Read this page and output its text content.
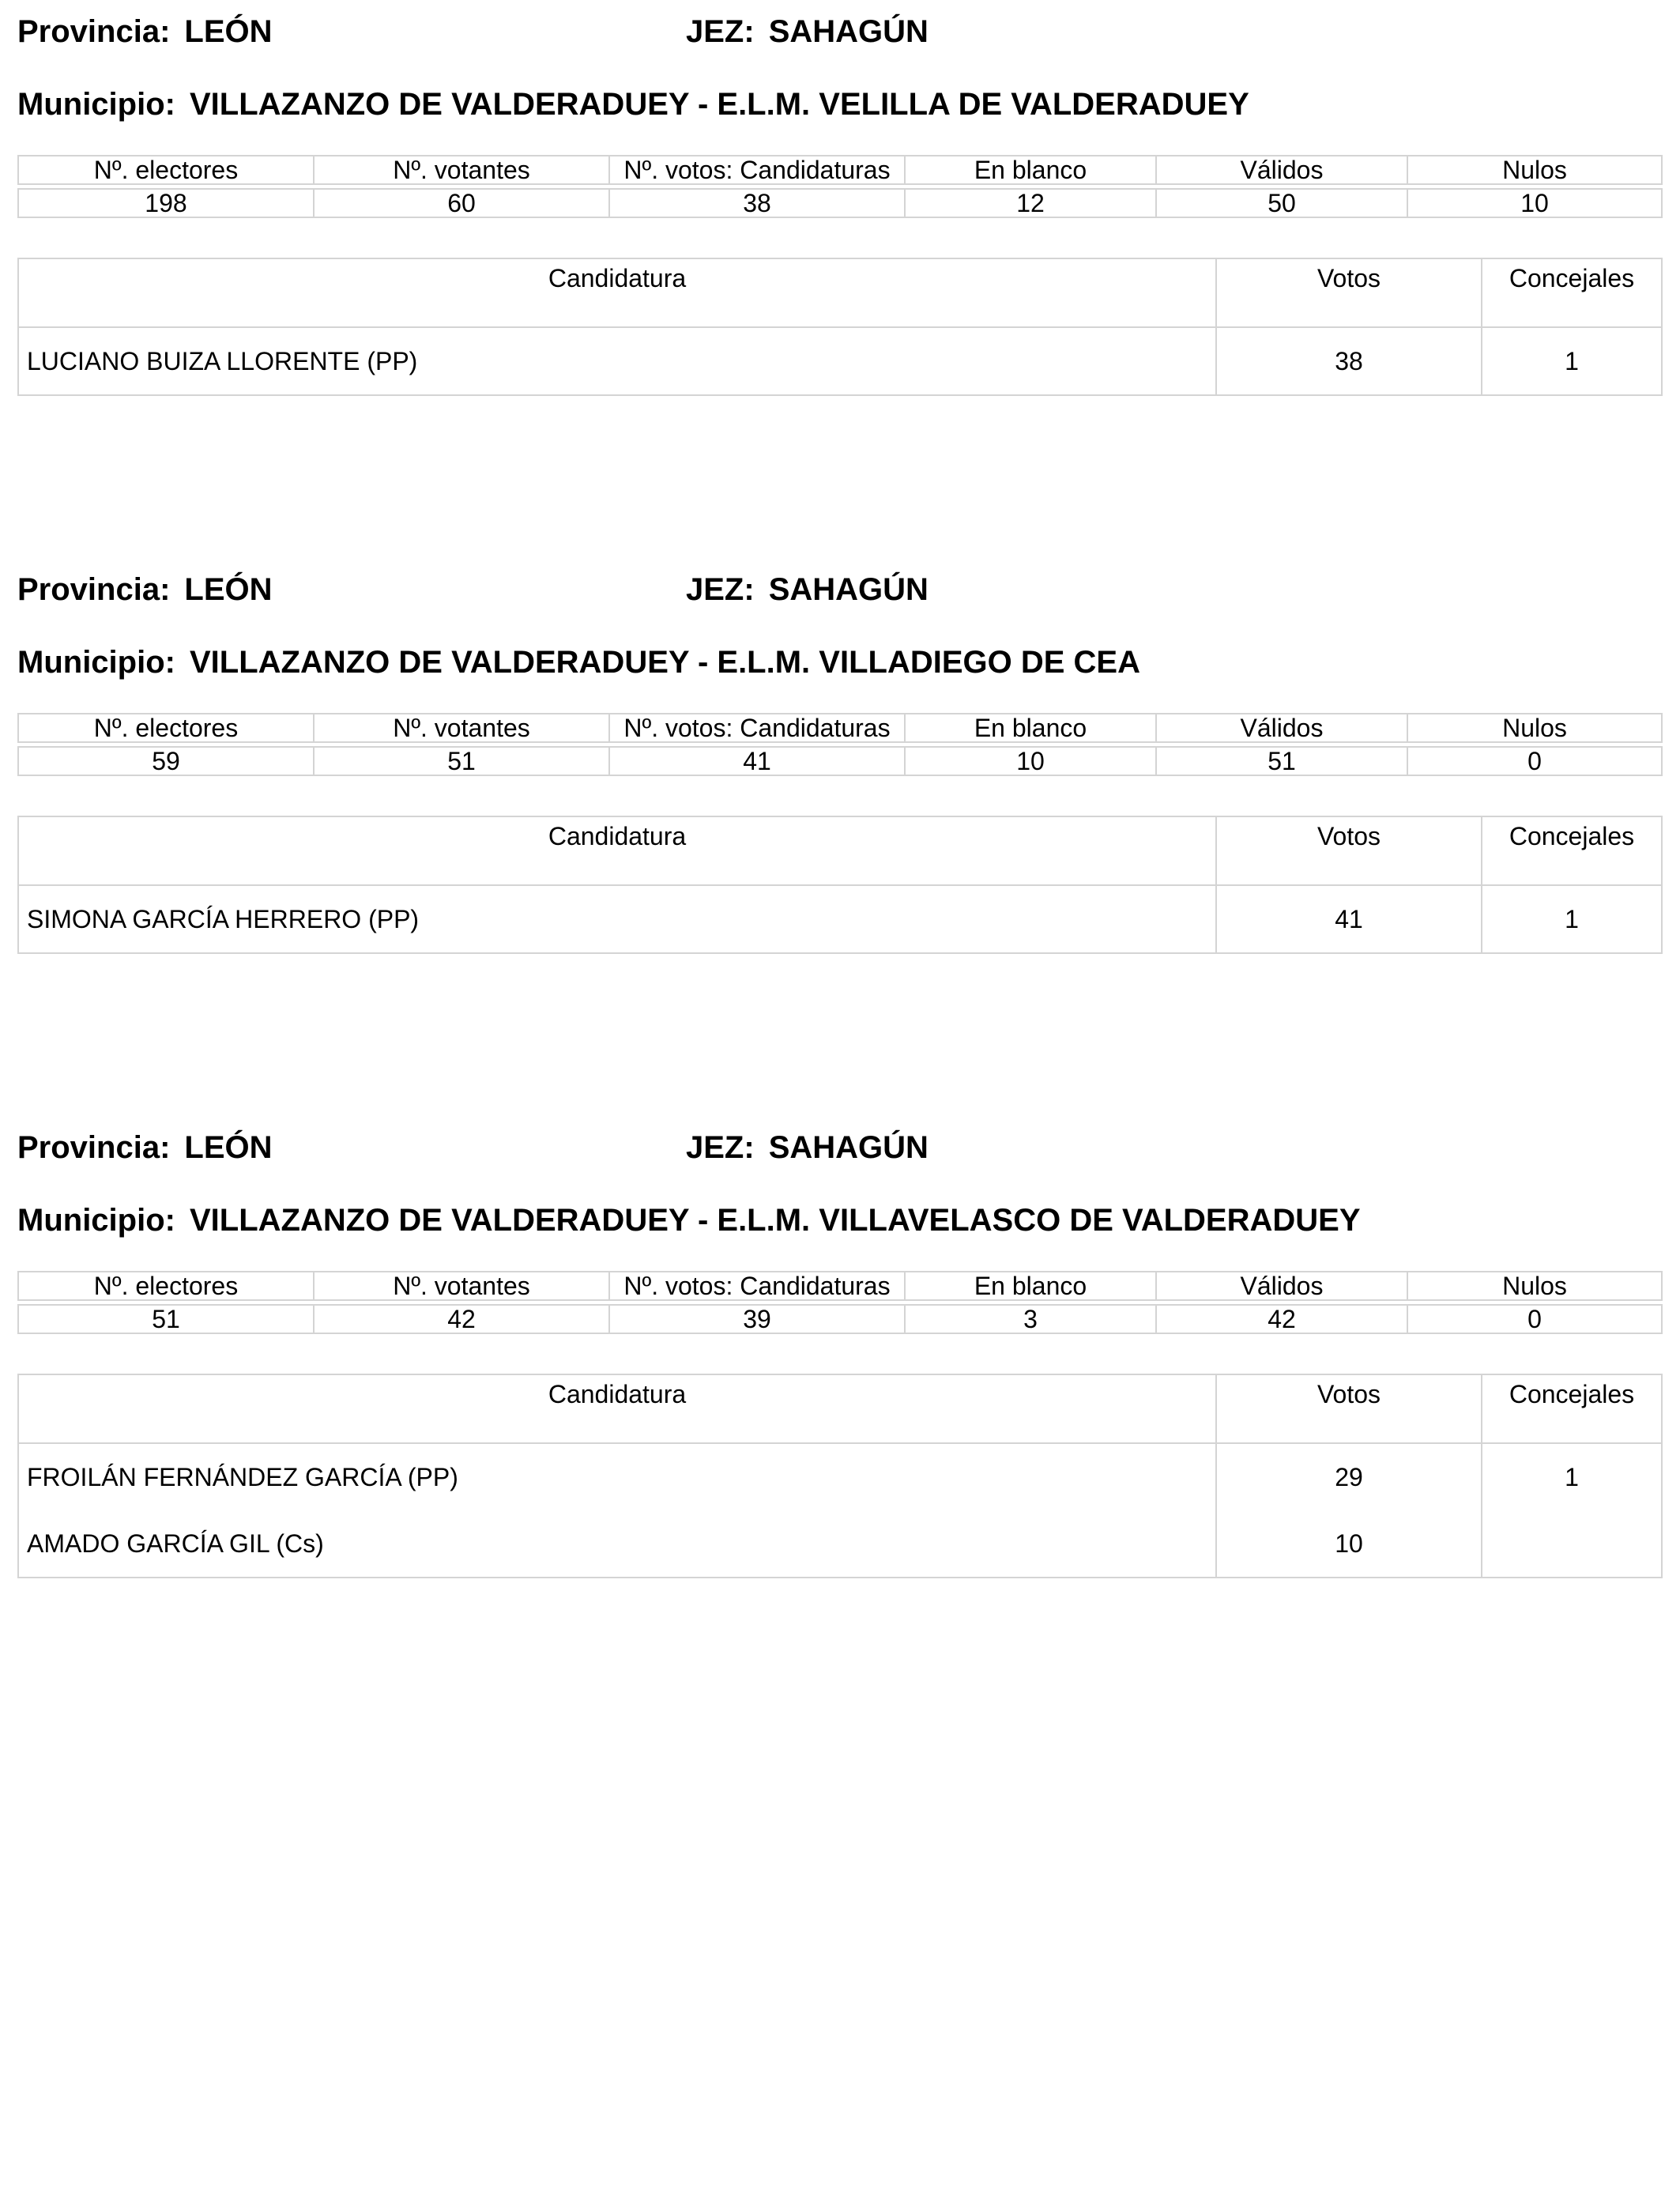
Provincia: LEÓN	JEZ: SAHAGÚN
Municipio: VILLAZANZO DE VALDERADUEY - E.L.M. VELILLA DE VALDERADUEY
Nº. electores	Nº. votantes	Nº. votos: Candidaturas	En blanco	Válidos	Nulos

198	60	38	12	50	10
Candidatura	Votos	Concejales
LUCIANO BUIZA LLORENTE (PP)	38	1
Provincia: LEÓN	JEZ: SAHAGÚN
Municipio: VILLAZANZO DE VALDERADUEY - E.L.M. VILLADIEGO DE CEA
Nº. electores	Nº. votantes	Nº. votos: Candidaturas	En blanco	Válidos	Nulos

59	51	41	10	51	0
Candidatura	Votos	Concejales
SIMONA GARCÍA HERRERO (PP)	41	1
Provincia: LEÓN	JEZ: SAHAGÚN
Municipio: VILLAZANZO DE VALDERADUEY - E.L.M. VILLAVELASCO DE VALDERADUEY
Nº. electores	Nº. votantes	Nº. votos: Candidaturas	En blanco	Válidos	Nulos

51	42	39	3	42	0
Candidatura	Votos	Concejales
FROILÁN FERNÁNDEZ GARCÍA (PP)	29	1
AMADO GARCÍA GIL (Cs)	10	
